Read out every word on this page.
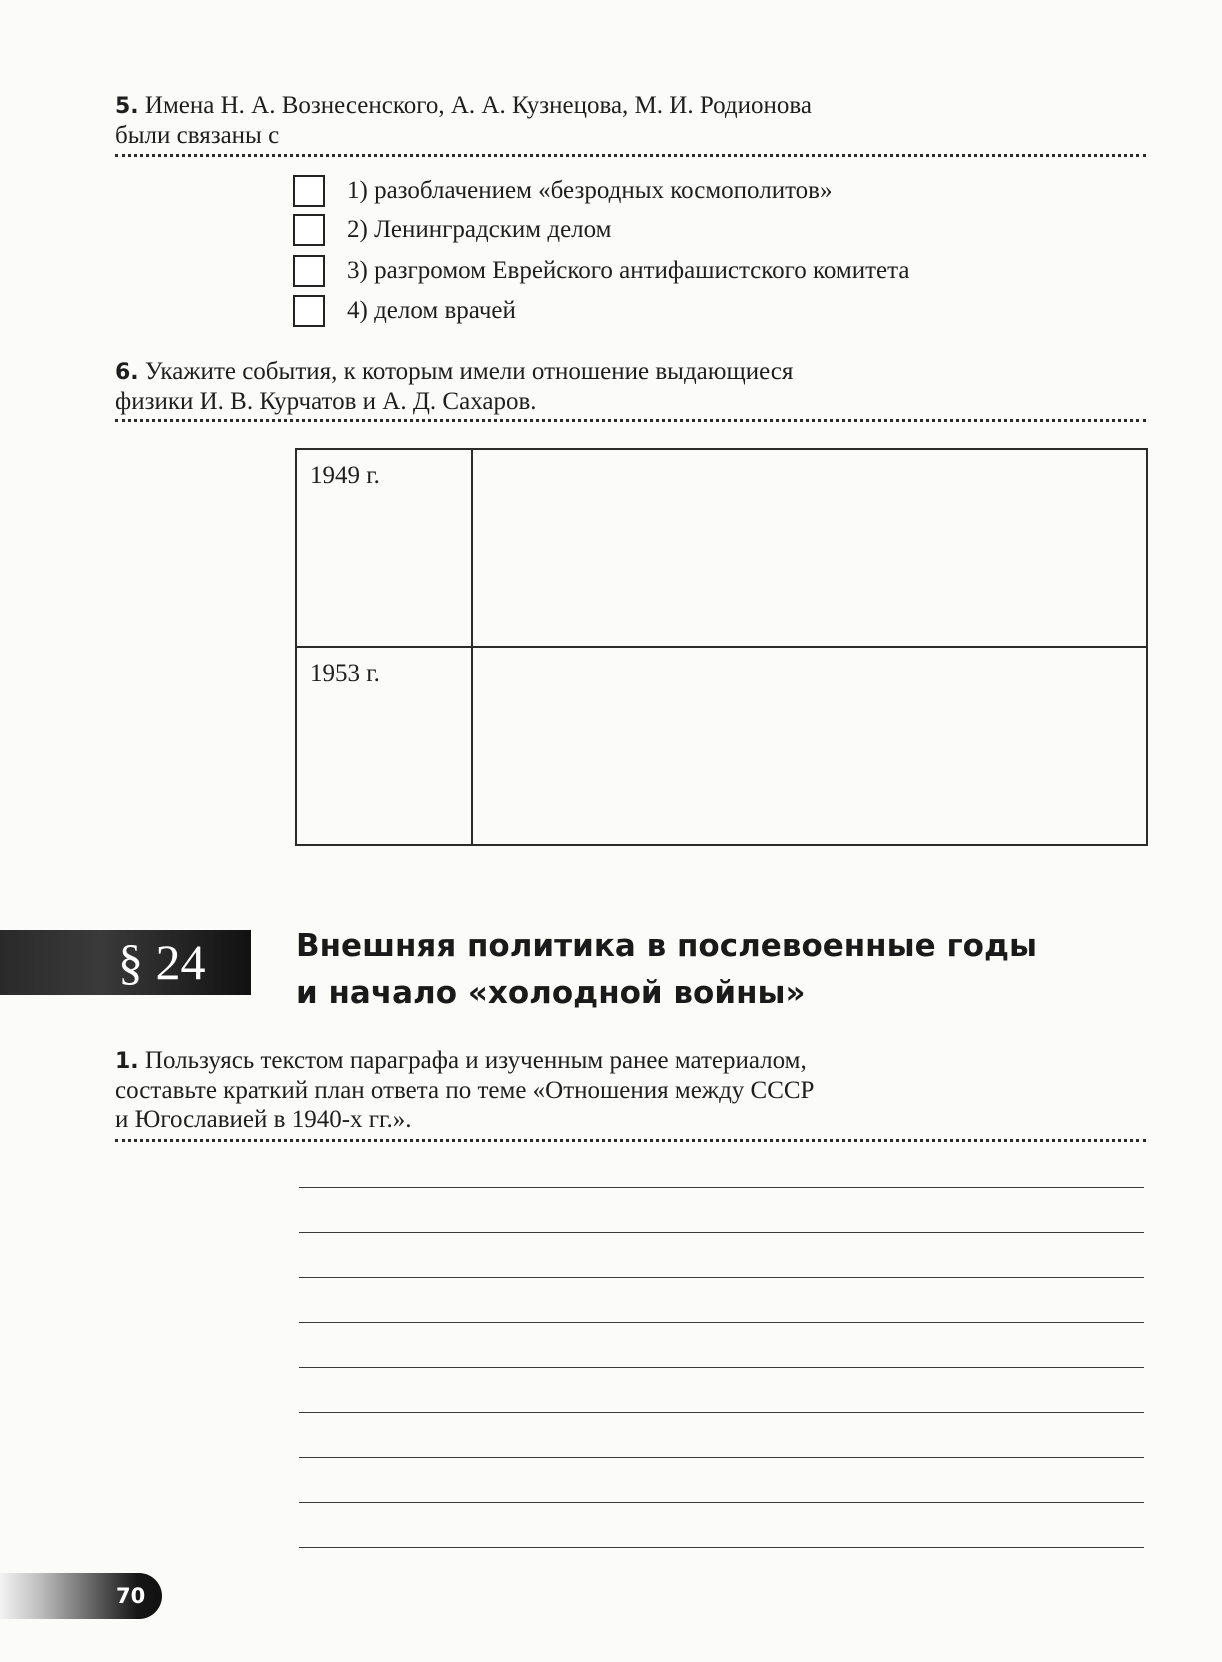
5. Имена Н. А. Вознесенского, А. А. Кузнецова, М. И. Родионова
были связаны с
1) разоблачением «безродных космополитов»
2) Ленинградским делом
3) разгромом Еврейского антифашистского комитета
4) делом врачей
6. Укажите события, к которым имели отношение выдающиеся
физики И. В. Курчатов и А. Д. Сахаров.
1949 г.	
1953 г.	
§ 24	Внешняя политика в послевоенные годы
и начало «холодной войны»
1. Пользуясь текстом параграфа и изученным ранее материалом,
составьте краткий план ответа по теме «Отношения между СССР
и Югославией в 1940-х гг.».
70
